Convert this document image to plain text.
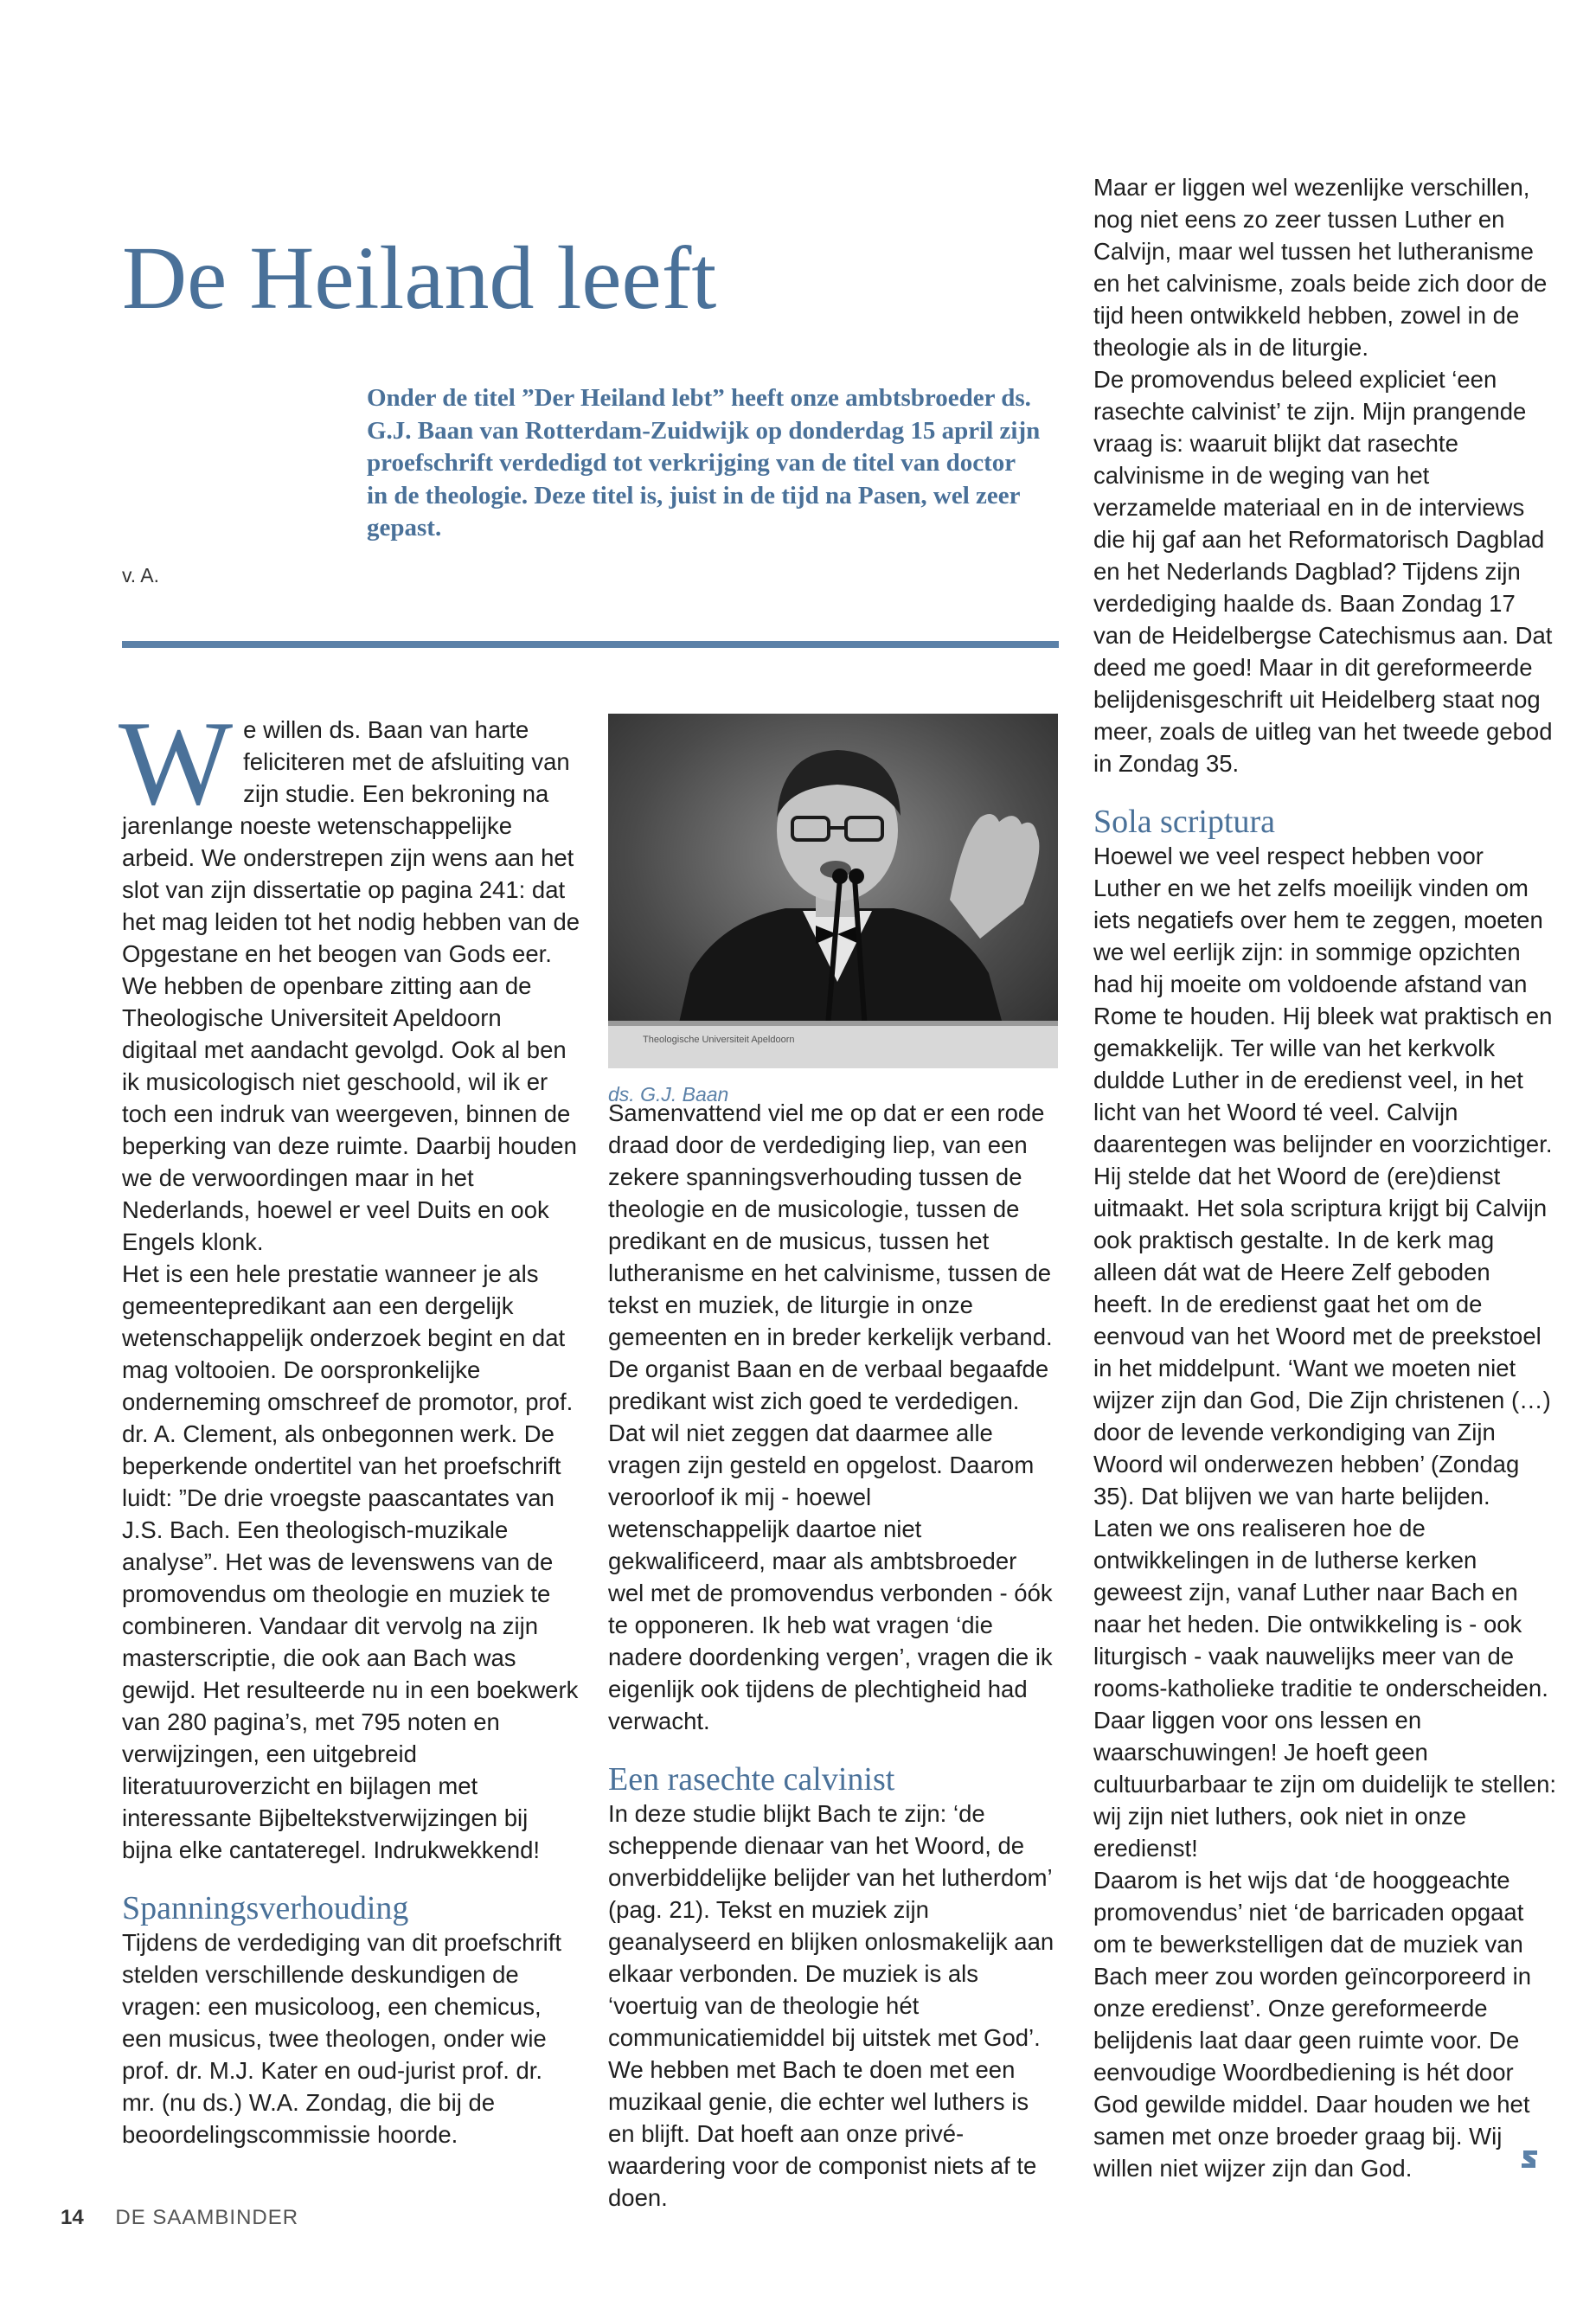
De Heiland leeft

Onder de titel ”Der Heiland lebt” heeft onze ambtsbroeder ds. G.J. Baan van Rotterdam-Zuidwijk op donderdag 15 april zijn proefschrift verdedigd tot verkrijging van de titel van doctor in de theologie. Deze titel is, juist in de tijd na Pasen, wel zeer gepast.

v. A.

W e willen ds. Baan van harte feliciteren met de afsluiting van zijn studie. Een bekroning na jarenlange noeste wetenschappelijke arbeid. We onderstrepen zijn wens aan het slot van zijn dissertatie op pagina 241: dat het mag leiden tot het nodig hebben van de Opgestane en het beogen van Gods eer. We hebben de openbare zitting aan de Theologische Universiteit Apeldoorn digitaal met aandacht gevolgd. Ook al ben ik musicologisch niet geschoold, wil ik er toch een indruk van weergeven, binnen de beperking van deze ruimte. Daarbij houden we de verwoordingen maar in het Nederlands, hoewel er veel Duits en ook Engels klonk.

Het is een hele prestatie wanneer je als gemeentepredikant aan een dergelijk wetenschappelijk onderzoek begint en dat mag voltooien. De oorspronkelijke onderneming omschreef de promotor, prof. dr. A. Clement, als onbegonnen werk. De beperkende ondertitel van het proefschrift luidt: ”De drie vroegste paascantates van J.S. Bach. Een theologisch-muzikale analyse”. Het was de levenswens van de promovendus om theologie en muziek te combineren. Vandaar dit vervolg na zijn masterscriptie, die ook aan Bach was gewijd. Het resulteerde nu in een boekwerk van 280 pagina’s, met 795 noten en verwijzingen, een uitgebreid literatuuroverzicht en bijlagen met interessante Bijbeltekstverwijzingen bij bijna elke cantateregel. Indrukwekkend!

Spanningsverhouding

Tijdens de verdediging van dit proefschrift stelden verschillende deskundigen de vragen: een musicoloog, een chemicus, een musicus, twee theologen, onder wie prof. dr. M.J. Kater en oud-jurist prof. dr. mr. (nu ds.) W.A. Zondag, die bij de beoordelingscommissie hoorde.

Theologische Universiteit Apeldoorn

ds. G.J. Baan

Samenvattend viel me op dat er een rode draad door de verdediging liep, van een zekere spanningsverhouding tussen de theologie en de musicologie, tussen de predikant en de musicus, tussen het lutheranisme en het calvinisme, tussen de tekst en muziek, de liturgie in onze gemeenten en in breder kerkelijk verband.

De organist Baan en de verbaal begaafde predikant wist zich goed te verdedigen. Dat wil niet zeggen dat daarmee alle vragen zijn gesteld en opgelost. Daarom veroorloof ik mij - hoewel wetenschappelijk daartoe niet gekwalificeerd, maar als ambtsbroeder wel met de promovendus verbonden - óók te opponeren. Ik heb wat vragen ‘die nadere doordenking vergen’, vragen die ik eigenlijk ook tijdens de plechtigheid had verwacht.

Een rasechte calvinist

In deze studie blijkt Bach te zijn: ‘de scheppende dienaar van het Woord, de onverbiddelijke belijder van het lutherdom’ (pag. 21). Tekst en muziek zijn geanalyseerd en blijken onlosmakelijk aan elkaar verbonden. De muziek is als ‘voertuig van de theologie hét communicatiemiddel bij uitstek met God’. We hebben met Bach te doen met een muzikaal genie, die echter wel luthers is en blijft. Dat hoeft aan onze privé-waardering voor de componist niets af te doen.

Maar er liggen wel wezenlijke verschillen, nog niet eens zo zeer tussen Luther en Calvijn, maar wel tussen het lutheranisme en het calvinisme, zoals beide zich door de tijd heen ontwikkeld hebben, zowel in de theologie als in de liturgie.

De promovendus beleed expliciet ‘een rasechte calvinist’ te zijn. Mijn prangende vraag is: waaruit blijkt dat rasechte calvinisme in de weging van het verzamelde materiaal en in de interviews die hij gaf aan het Reformatorisch Dagblad en het Nederlands Dagblad? Tijdens zijn verdediging haalde ds. Baan Zondag 17 van de Heidelbergse Catechismus aan. Dat deed me goed! Maar in dit gereformeerde belijdenisgeschrift uit Heidelberg staat nog meer, zoals de uitleg van het tweede gebod in Zondag 35.

Sola scriptura

Hoewel we veel respect hebben voor Luther en we het zelfs moeilijk vinden om iets negatiefs over hem te zeggen, moeten we wel eerlijk zijn: in sommige opzichten had hij moeite om voldoende afstand van Rome te houden. Hij bleek wat praktisch en gemakkelijk. Ter wille van het kerkvolk duldde Luther in de eredienst veel, in het licht van het Woord té veel. Calvijn daarentegen was belijnder en voorzichtiger.

Hij stelde dat het Woord de (ere)dienst uitmaakt. Het sola scriptura krijgt bij Calvijn ook praktisch gestalte. In de kerk mag alleen dát wat de Heere Zelf geboden heeft. In de eredienst gaat het om de eenvoud van het Woord met de preekstoel in het middelpunt. ‘Want we moeten niet wijzer zijn dan God, Die Zijn christenen (…) door de levende verkondiging van Zijn Woord wil onderwezen hebben’ (Zondag 35). Dat blijven we van harte belijden.

Laten we ons realiseren hoe de ontwikkelingen in de lutherse kerken geweest zijn, vanaf Luther naar Bach en naar het heden. Die ontwikkeling is - ook liturgisch - vaak nauwelijks meer van de rooms-katholieke traditie te onderscheiden. Daar liggen voor ons lessen en waarschuwingen! Je hoeft geen cultuurbarbaar te zijn om duidelijk te stellen: wij zijn niet luthers, ook niet in onze eredienst!

Daarom is het wijs dat ‘de hooggeachte promovendus’ niet ‘de barricaden opgaat om te bewerkstelligen dat de muziek van Bach meer zou worden geïncorporeerd in onze eredienst’. Onze gereformeerde belijdenis laat daar geen ruimte voor. De eenvoudige Woordbediening is hét door God gewilde middel. Daar houden we het samen met onze broeder graag bij. Wij willen niet wijzer zijn dan God.

14 DE SAAMBINDER
